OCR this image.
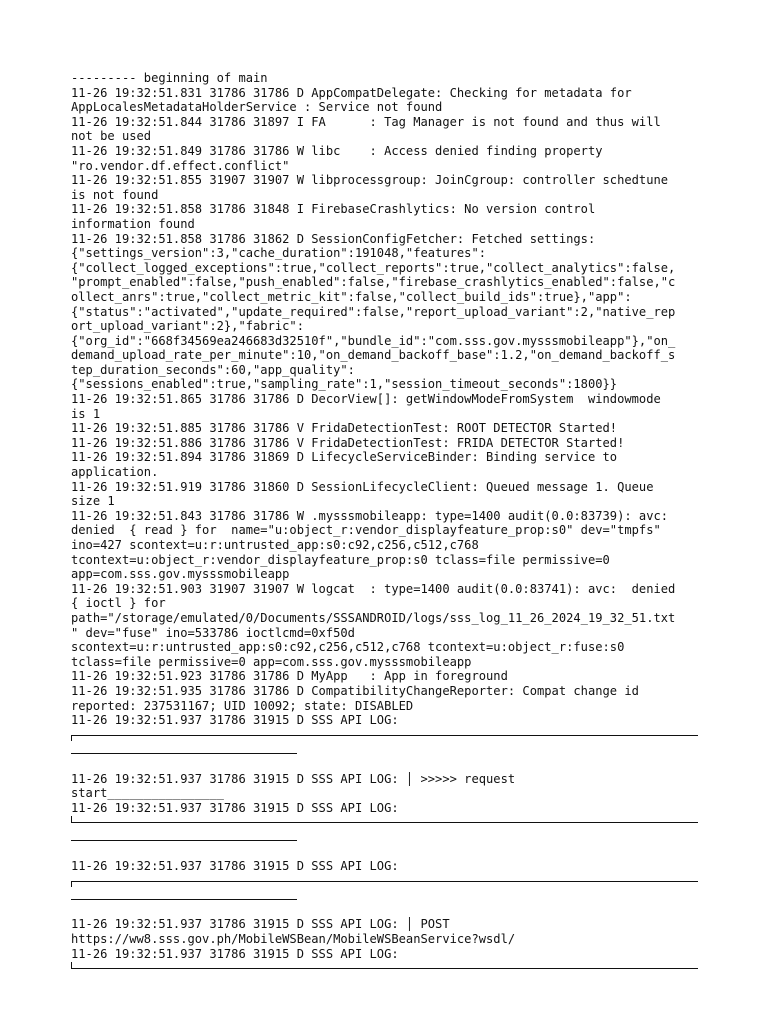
--------- beginning of main
11-26 19:32:51.831 31786 31786 D AppCompatDelegate: Checking for metadata for
AppLocalesMetadataHolderService : Service not found
11-26 19:32:51.844 31786 31897 I FA      : Tag Manager is not found and thus will
not be used
11-26 19:32:51.849 31786 31786 W libc    : Access denied finding property
"ro.vendor.df.effect.conflict"
11-26 19:32:51.855 31907 31907 W libprocessgroup: JoinCgroup: controller schedtune
is not found
11-26 19:32:51.858 31786 31848 I FirebaseCrashlytics: No version control
information found
11-26 19:32:51.858 31786 31862 D SessionConfigFetcher: Fetched settings:
{"settings_version":3,"cache_duration":191048,"features":
{"collect_logged_exceptions":true,"collect_reports":true,"collect_analytics":false,
"prompt_enabled":false,"push_enabled":false,"firebase_crashlytics_enabled":false,"c
ollect_anrs":true,"collect_metric_kit":false,"collect_build_ids":true},"app":
{"status":"activated","update_required":false,"report_upload_variant":2,"native_rep
ort_upload_variant":2},"fabric":
{"org_id":"668f34569ea246683d32510f","bundle_id":"com.sss.gov.mysssmobileapp"},"on_
demand_upload_rate_per_minute":10,"on_demand_backoff_base":1.2,"on_demand_backoff_s
tep_duration_seconds":60,"app_quality":
{"sessions_enabled":true,"sampling_rate":1,"session_timeout_seconds":1800}}
11-26 19:32:51.865 31786 31786 D DecorView[]: getWindowModeFromSystem  windowmode
is 1
11-26 19:32:51.885 31786 31786 V FridaDetectionTest: ROOT DETECTOR Started!
11-26 19:32:51.886 31786 31786 V FridaDetectionTest: FRIDA DETECTOR Started!
11-26 19:32:51.894 31786 31869 D LifecycleServiceBinder: Binding service to
application.
11-26 19:32:51.919 31786 31860 D SessionLifecycleClient: Queued message 1. Queue
size 1
11-26 19:32:51.843 31786 31786 W .mysssmobileapp: type=1400 audit(0.0:83739): avc:
denied  { read } for  name="u:object_r:vendor_displayfeature_prop:s0" dev="tmpfs"
ino=427 scontext=u:r:untrusted_app:s0:c92,c256,c512,c768
tcontext=u:object_r:vendor_displayfeature_prop:s0 tclass=file permissive=0
app=com.sss.gov.mysssmobileapp
11-26 19:32:51.903 31907 31907 W logcat  : type=1400 audit(0.0:83741): avc:  denied
{ ioctl } for
path="/storage/emulated/0/Documents/SSSANDROID/logs/sss_log_11_26_2024_19_32_51.txt
" dev="fuse" ino=533786 ioctlcmd=0xf50d
scontext=u:r:untrusted_app:s0:c92,c256,c512,c768 tcontext=u:object_r:fuse:s0
tclass=file permissive=0 app=com.sss.gov.mysssmobileapp
11-26 19:32:51.923 31786 31786 D MyApp   : App in foreground
11-26 19:32:51.935 31786 31786 D CompatibilityChangeReporter: Compat change id
reported: 237531167; UID 10092; state: DISABLED
11-26 19:32:51.937 31786 31915 D SSS API LOG:
11-26 19:32:51.937 31786 31915 D SSS API LOG: │ >>>>> request
start________________
11-26 19:32:51.937 31786 31915 D SSS API LOG:
11-26 19:32:51.937 31786 31915 D SSS API LOG:
11-26 19:32:51.937 31786 31915 D SSS API LOG: │ POST
https://ww8.sss.gov.ph/MobileWSBean/MobileWSBeanService?wsdl/
11-26 19:32:51.937 31786 31915 D SSS API LOG:
